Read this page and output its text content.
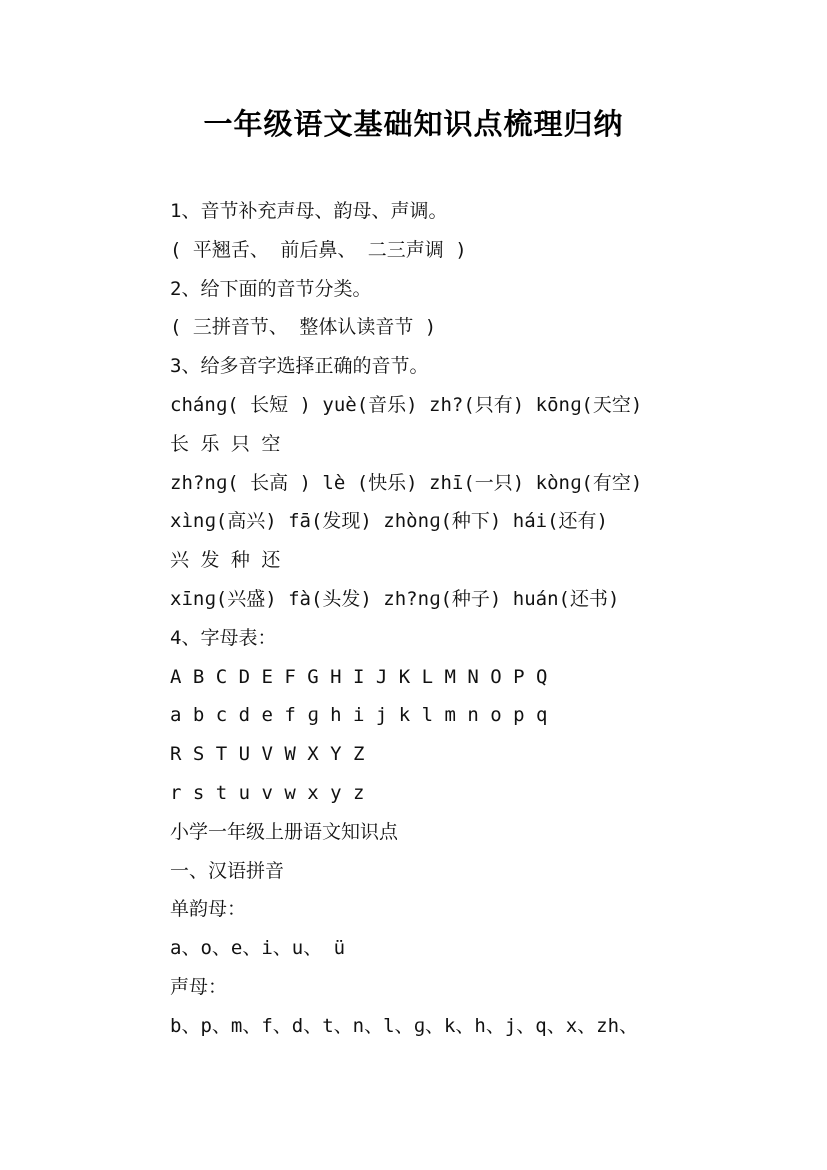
一年级语文基础知识点梳理归纳
1、音节补充声母、韵母、声调。
( 平翘舌、 前后鼻、 二三声调 )
2、给下面的音节分类。
( 三拼音节、 整体认读音节 )
3、给多音字选择正确的音节。
chánɡ( 长短 ) yuè(音乐) zh?(只有) kōnɡ(天空)
长 乐 只 空
zh?nɡ( 长高 ) lè (快乐) zhī(一只) kònɡ(有空)
xìnɡ(高兴) fā(发现) zhònɡ(种下) hái(还有)
兴 发 种 还
xīnɡ(兴盛) fà(头发) zh?nɡ(种子) huán(还书)
4、字母表：
A B C D E F G H I J K L M N O P Q
a b c d e f ɡ h i j k l m n o p q
R S T U V W X Y Z
r s t u v w x y z
小学一年级上册语文知识点
一、汉语拼音
单韵母：
a、o、e、i、u、 ü
声母：
b、p、m、f、d、t、n、l、ɡ、k、h、j、q、x、zh、
